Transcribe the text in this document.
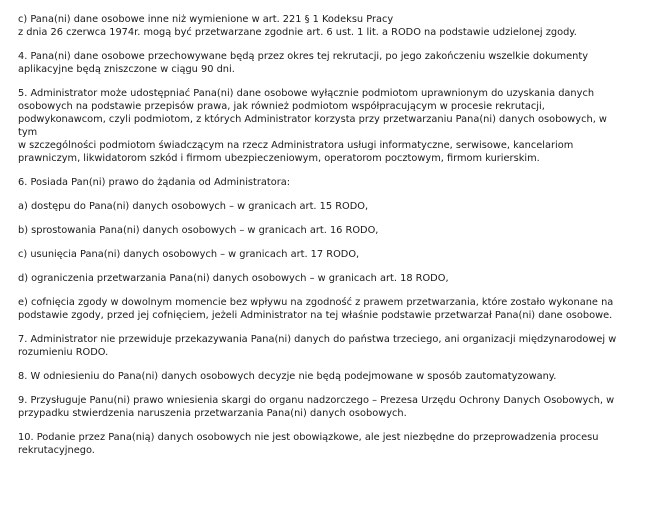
c) Pana(ni) dane osobowe inne niż wymienione w art. 221 § 1 Kodeksu Pracy
z dnia 26 czerwca 1974r. mogą być przetwarzane zgodnie art. 6 ust. 1 lit. a RODO na podstawie udzielonej zgody.

4. Pana(ni) dane osobowe przechowywane będą przez okres tej rekrutacji, po jego zakończeniu wszelkie dokumenty
aplikacyjne będą zniszczone w ciągu 90 dni.

5. Administrator może udostępniać Pana(ni) dane osobowe wyłącznie podmiotom uprawnionym do uzyskania danych
osobowych na podstawie przepisów prawa, jak również podmiotom współpracującym w procesie rekrutacji,
podwykonawcom, czyli podmiotom, z których Administrator korzysta przy przetwarzaniu Pana(ni) danych osobowych, w tym
w szczególności podmiotom świadczącym na rzecz Administratora usługi informatyczne, serwisowe, kancelariom
prawniczym, likwidatorom szkód i firmom ubezpieczeniowym, operatorom pocztowym, firmom kurierskim.

6. Posiada Pan(ni) prawo do żądania od Administratora:

a) dostępu do Pana(ni) danych osobowych – w granicach art. 15 RODO,

b) sprostowania Pana(ni) danych osobowych – w granicach art. 16 RODO,

c) usunięcia Pana(ni) danych osobowych – w granicach art. 17 RODO,

d) ograniczenia przetwarzania Pana(ni) danych osobowych – w granicach art. 18 RODO,

e) cofnięcia zgody w dowolnym momencie bez wpływu na zgodność z prawem przetwarzania, które zostało wykonane na
podstawie zgody, przed jej cofnięciem, jeżeli Administrator na tej właśnie podstawie przetwarzał Pana(ni) dane osobowe.

7. Administrator nie przewiduje przekazywania Pana(ni) danych do państwa trzeciego, ani organizacji międzynarodowej w
rozumieniu RODO.

8. W odniesieniu do Pana(ni) danych osobowych decyzje nie będą podejmowane w sposób zautomatyzowany.

9. Przysługuje Panu(ni) prawo wniesienia skargi do organu nadzorczego – Prezesa Urzędu Ochrony Danych Osobowych, w
przypadku stwierdzenia naruszenia przetwarzania Pana(ni) danych osobowych.

10. Podanie przez Pana(nią) danych osobowych nie jest obowiązkowe, ale jest niezbędne do przeprowadzenia procesu
rekrutacyjnego.
